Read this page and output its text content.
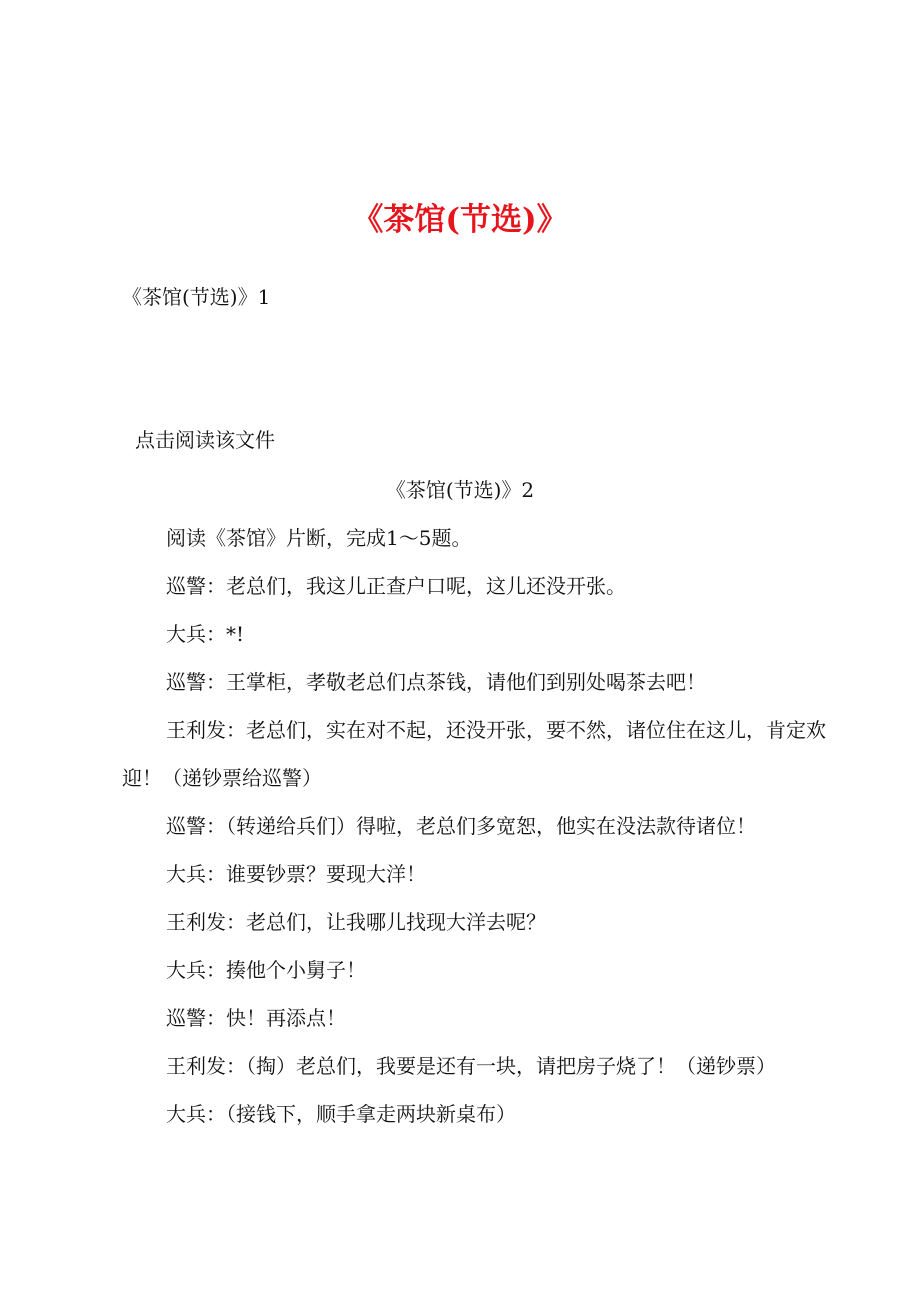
《茶馆(节选)》

《茶馆(节选)》1

点击阅读该文件

《茶馆(节选)》2

阅读《茶馆》片断，完成1～5题。

巡警：老总们，我这儿正查户口呢，这儿还没开张。
大兵：*!
巡警：王掌柜，孝敬老总们点茶钱，请他们到别处喝茶去吧！
王利发：老总们，实在对不起，还没开张，要不然，诸位住在这儿，肯定欢迎！（递钞票给巡警）
巡警：（转递给兵们）得啦，老总们多宽恕，他实在没法款待诸位！
大兵：谁要钞票？要现大洋！
王利发：老总们，让我哪儿找现大洋去呢？
大兵：揍他个小舅子！
巡警：快！再添点！
王利发：（掏）老总们，我要是还有一块，请把房子烧了！（递钞票）
大兵：（接钱下，顺手拿走两块新桌布）
